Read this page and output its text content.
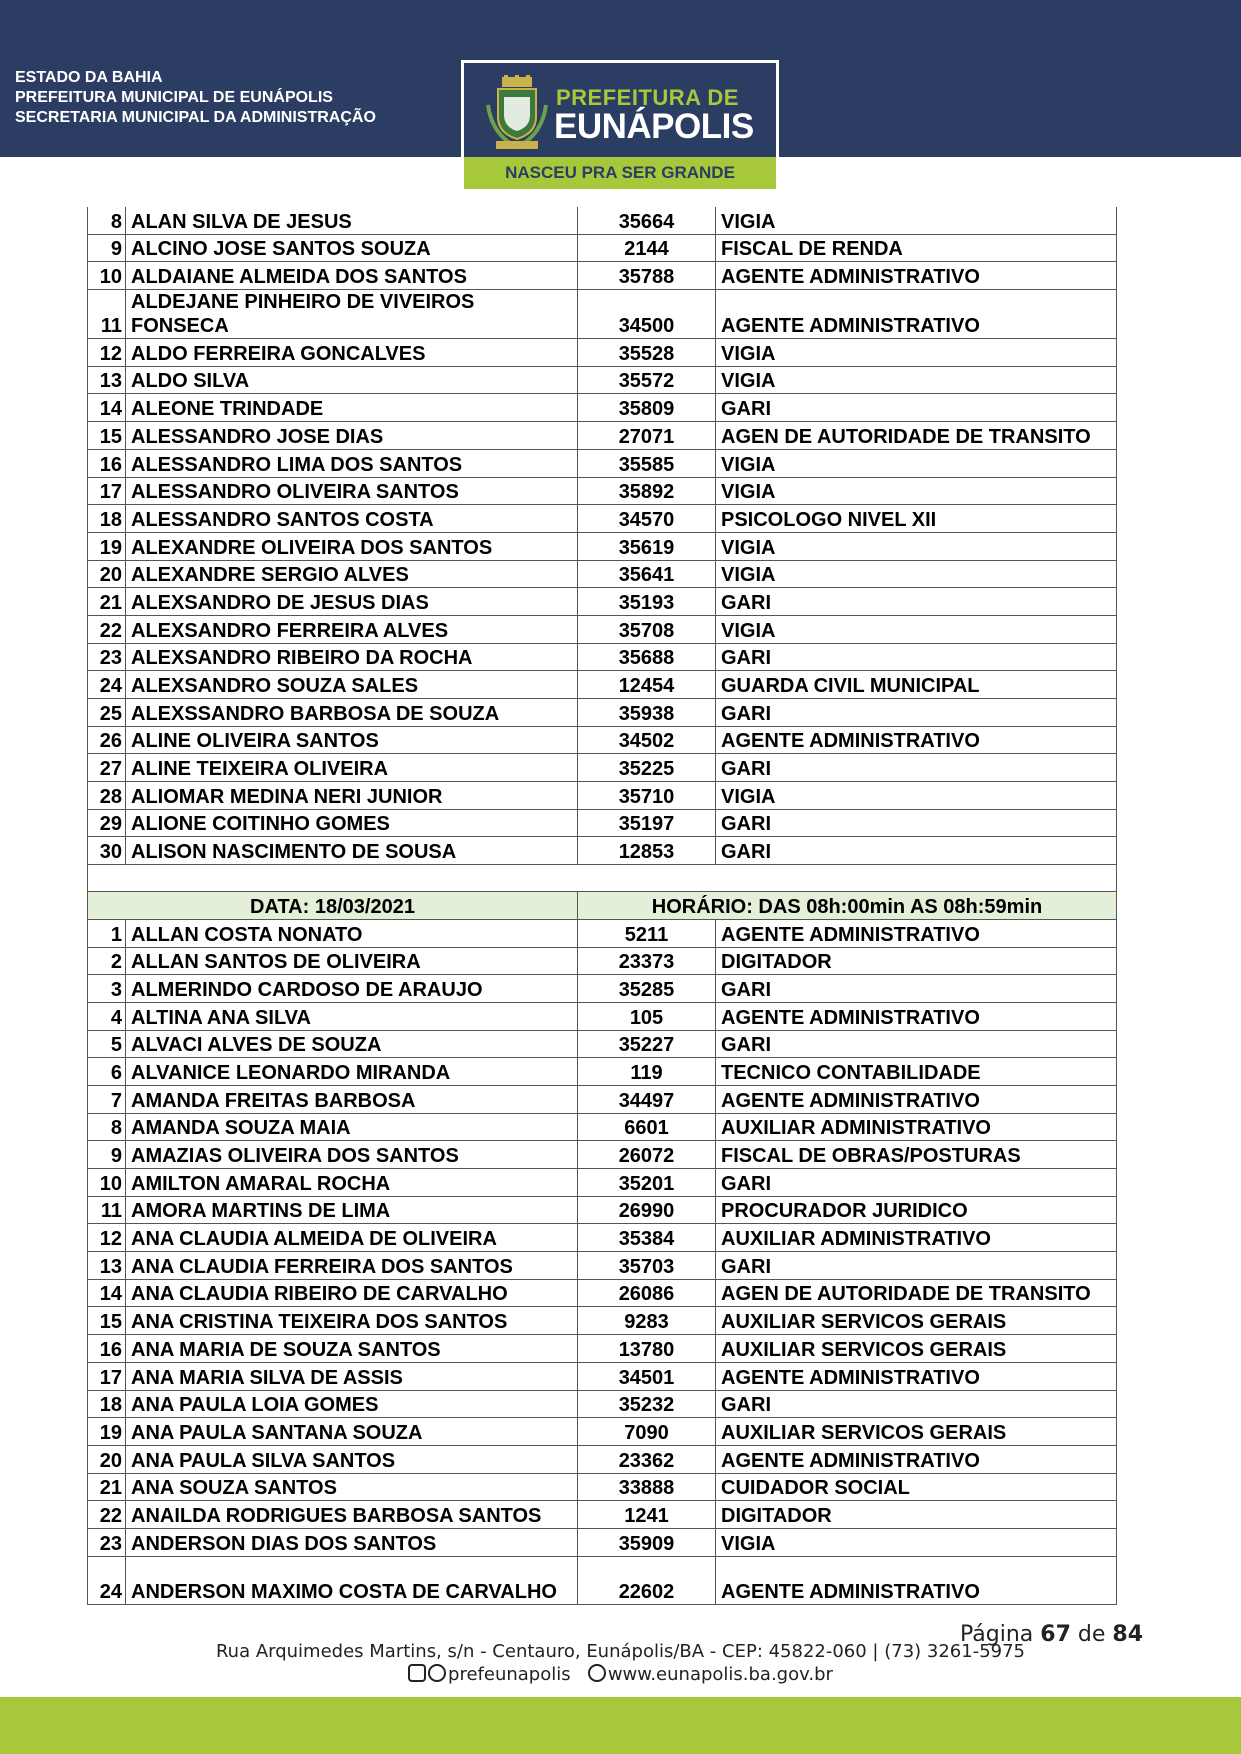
ESTADO DA BAHIA
PREFEITURA MUNICIPAL DE EUNÁPOLIS
SECRETARIA MUNICIPAL DA ADMINISTRAÇÃO
PREFEITURA DE
EUNÁPOLIS
NASCEU PRA SER GRANDE
8	ALAN SILVA DE JESUS	35664	VIGIA
9	ALCINO JOSE SANTOS SOUZA	2144	FISCAL DE RENDA
10	ALDAIANE ALMEIDA DOS SANTOS	35788	AGENTE ADMINISTRATIVO
11	ALDEJANE PINHEIRO DE VIVEIROS FONSECA	34500	AGENTE ADMINISTRATIVO
12	ALDO FERREIRA GONCALVES	35528	VIGIA
13	ALDO SILVA	35572	VIGIA
14	ALEONE TRINDADE	35809	GARI
15	ALESSANDRO JOSE DIAS	27071	AGEN DE AUTORIDADE DE TRANSITO
16	ALESSANDRO LIMA DOS SANTOS	35585	VIGIA
17	ALESSANDRO OLIVEIRA SANTOS	35892	VIGIA
18	ALESSANDRO SANTOS COSTA	34570	PSICOLOGO NIVEL XII
19	ALEXANDRE OLIVEIRA DOS SANTOS	35619	VIGIA
20	ALEXANDRE SERGIO ALVES	35641	VIGIA
21	ALEXSANDRO DE JESUS DIAS	35193	GARI
22	ALEXSANDRO FERREIRA ALVES	35708	VIGIA
23	ALEXSANDRO RIBEIRO DA ROCHA	35688	GARI
24	ALEXSANDRO SOUZA SALES	12454	GUARDA CIVIL MUNICIPAL
25	ALEXSSANDRO BARBOSA DE SOUZA	35938	GARI
26	ALINE OLIVEIRA SANTOS	34502	AGENTE ADMINISTRATIVO
27	ALINE TEIXEIRA OLIVEIRA	35225	GARI
28	ALIOMAR MEDINA NERI JUNIOR	35710	VIGIA
29	ALIONE COITINHO GOMES	35197	GARI
30	ALISON NASCIMENTO DE SOUSA	12853	GARI

DATA: 18/03/2021		HORÁRIO: DAS 08h:00min AS 08h:59min	
1	ALLAN COSTA NONATO	5211	AGENTE ADMINISTRATIVO
2	ALLAN SANTOS DE OLIVEIRA	23373	DIGITADOR
3	ALMERINDO CARDOSO DE ARAUJO	35285	GARI
4	ALTINA ANA SILVA	105	AGENTE ADMINISTRATIVO
5	ALVACI ALVES DE SOUZA	35227	GARI
6	ALVANICE LEONARDO MIRANDA	119	TECNICO CONTABILIDADE
7	AMANDA FREITAS BARBOSA	34497	AGENTE ADMINISTRATIVO
8	AMANDA SOUZA MAIA	6601	AUXILIAR ADMINISTRATIVO
9	AMAZIAS OLIVEIRA DOS SANTOS	26072	FISCAL DE OBRAS/POSTURAS
10	AMILTON AMARAL ROCHA	35201	GARI
11	AMORA MARTINS DE LIMA	26990	PROCURADOR JURIDICO
12	ANA CLAUDIA ALMEIDA DE OLIVEIRA	35384	AUXILIAR ADMINISTRATIVO
13	ANA CLAUDIA FERREIRA DOS SANTOS	35703	GARI
14	ANA CLAUDIA RIBEIRO DE CARVALHO	26086	AGEN DE AUTORIDADE DE TRANSITO
15	ANA CRISTINA TEIXEIRA DOS SANTOS	9283	AUXILIAR SERVICOS GERAIS
16	ANA MARIA DE SOUZA SANTOS	13780	AUXILIAR SERVICOS GERAIS
17	ANA MARIA SILVA DE ASSIS	34501	AGENTE ADMINISTRATIVO
18	ANA PAULA LOIA GOMES	35232	GARI
19	ANA PAULA SANTANA SOUZA	7090	AUXILIAR SERVICOS GERAIS
20	ANA PAULA SILVA SANTOS	23362	AGENTE ADMINISTRATIVO
21	ANA SOUZA SANTOS	33888	CUIDADOR SOCIAL
22	ANAILDA RODRIGUES BARBOSA SANTOS	1241	DIGITADOR
23	ANDERSON DIAS DOS SANTOS	35909	VIGIA
24	ANDERSON MAXIMO COSTA DE CARVALHO	22602	AGENTE ADMINISTRATIVO
Página 67 de 84
Rua Arquimedes Martins, s/n - Centauro, Eunápolis/BA - CEP: 45822-060 | (73) 3261-5975
prefeunapolis www.eunapolis.ba.gov.br
